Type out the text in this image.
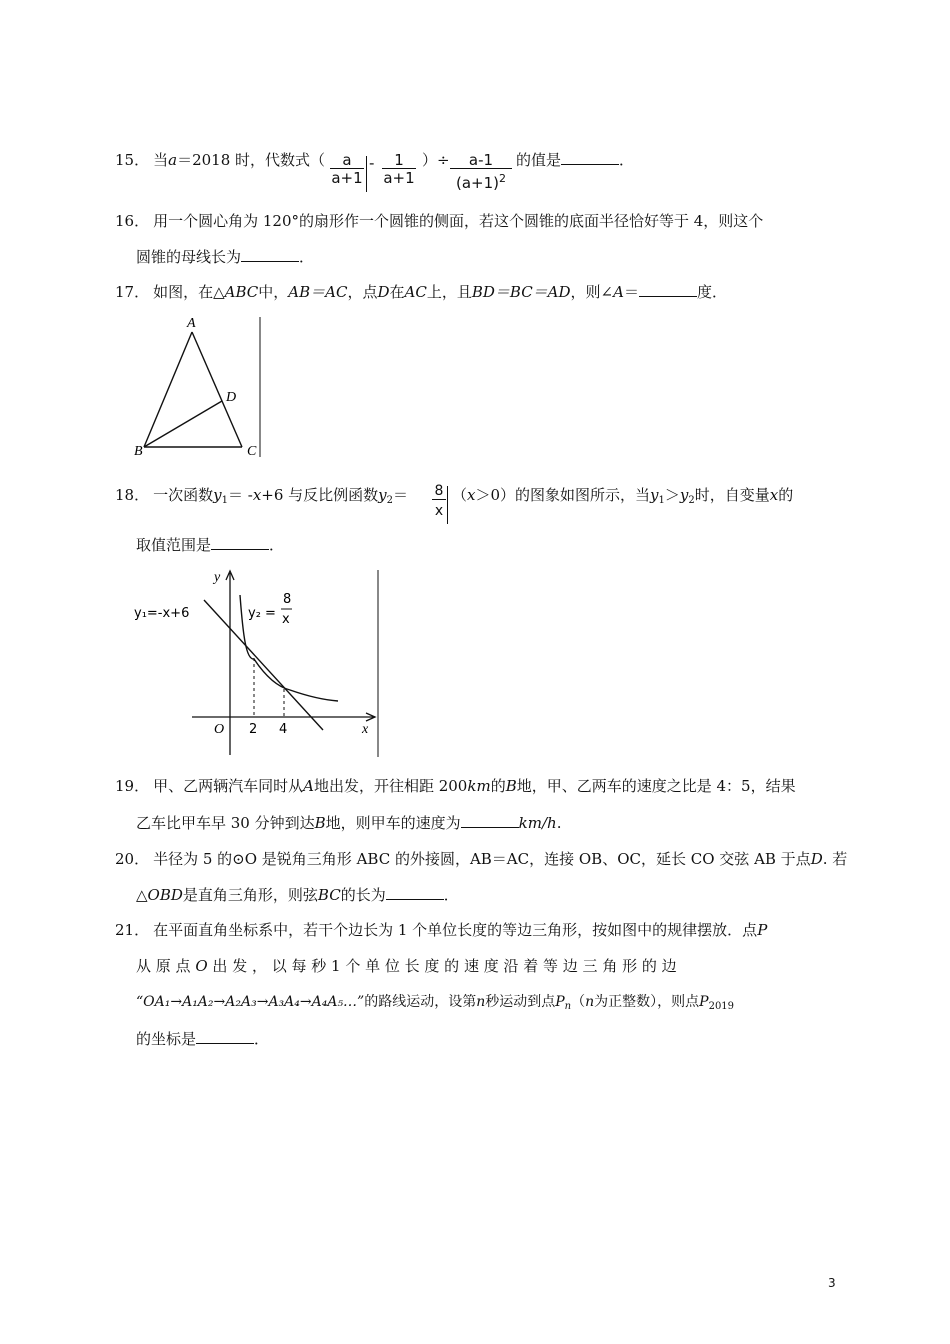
15． 当a＝2018 时，代数式（ $\frac{a}{a+1} - \frac{1}{a+1}$ ）÷ $\frac{a-1}{(a+1)^2}$ 的值是	．
16． 用一个圆心角为 120°的扇形作一个圆锥的侧面，若这个圆锥的底面半径恰好等于 4，则这个
圆锥的母线长为	．
17． 如图，在△ABC中，AB＝AC，点D在AC上，且BD＝BC＝AD，则∠A＝	度．
A
B	C
D
18． 一次函数$y_1= -x+6$ 与反比例函数$y_2= \frac{8}{x} (x>0)$的图象如图所示，当$y_1>y_2$时，自变量x的
取值范围是	．
y
x
O 2 4
y₁=-x+6	y₂ =
8
x
19． 甲、乙两辆汽车同时从A地出发，开往相距 200km的B地，甲、乙两车的速度之比是 4：5，结果
乙车比甲车早 30 分钟到达B地，则甲车的速度为	km/h.
20． 半径为 5 的⊙O 是锐角三角形 ABC 的外接圆，AB＝AC，连接 OB、OC，延长 CO 交弦 AB 于点D. 若
△OBD是直角三角形，则弦BC的长为	．
21． 在平面直角坐标系中，若干个边长为 1 个单位长度的等边三角形，按如图中的规律摆放．点P
从 原 点 O 出 发 ， 以 每 秒 1 个 单 位 长 度 的 速 度 沿 着 等 边 三 角 形 的 边
“OA₁→A₁A₂→A₂A₃→A₃A₄→A₄A₅…”的路线运动，设第n秒运动到点$P_n(n$为正整数），则点$P_{2019}$
的坐标是	．
3
